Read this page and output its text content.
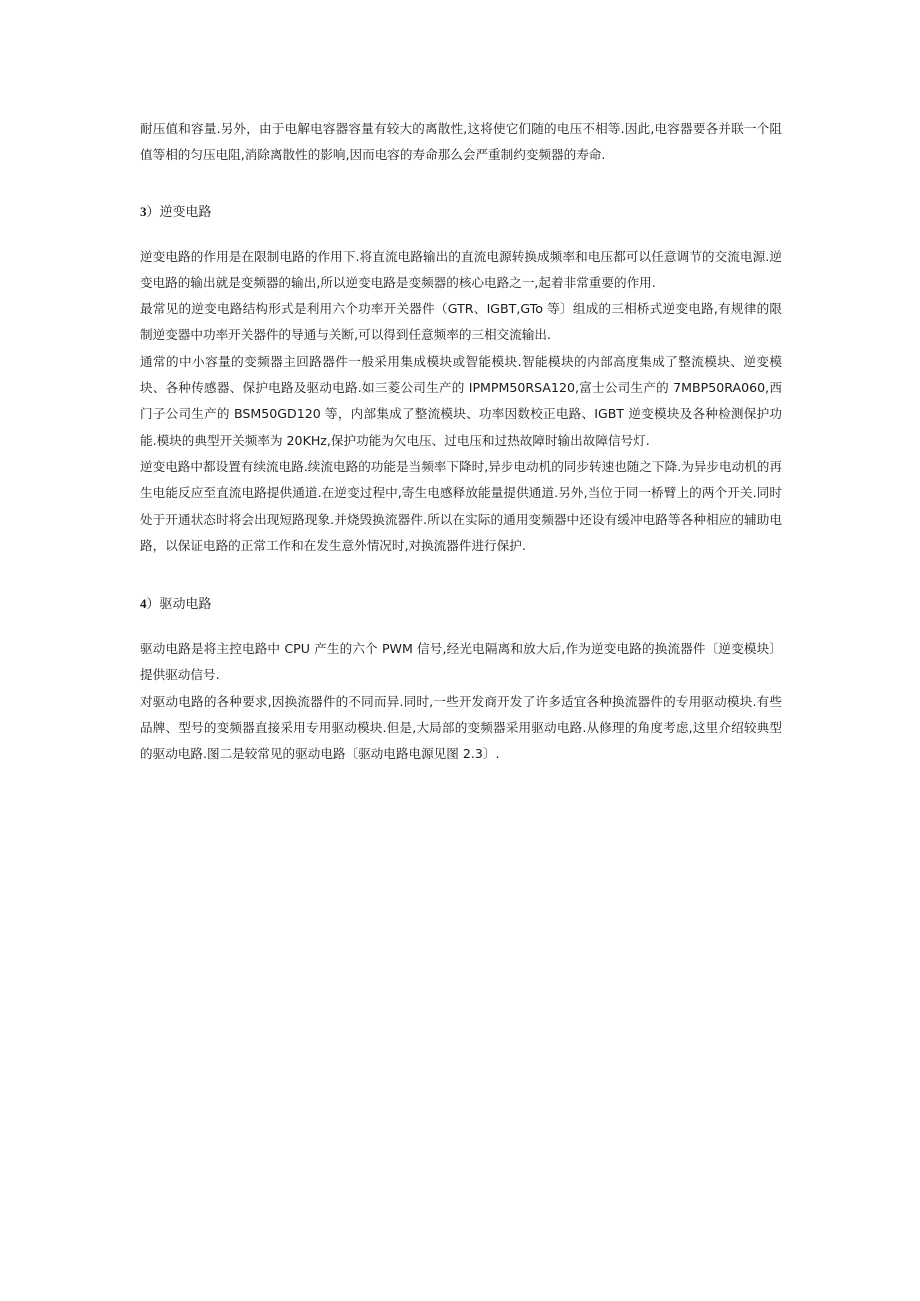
耐压值和容量.另外，由于电解电容器容量有较大的离散性,这将使它们随的电压不相等.因此,电容器要各并联一个阻值等相的匀压电阻,消除离散性的影响,因而电容的寿命那么会严重制约变频器的寿命.

3）逆变电路

逆变电路的作用是在限制电路的作用下.将直流电路输出的直流电源转换成频率和电压都可以任意调节的交流电源.逆变电路的输出就是变频器的输出,所以逆变电路是变频器的核心电路之一,起着非常重要的作用.

最常见的逆变电路结构形式是利用六个功率开关器件（GTR、IGBT,GTo 等〕组成的三相桥式逆变电路,有规律的限制逆变器中功率开关器件的导通与关断,可以得到任意频率的三相交流输出.

通常的中小容量的变频器主回路器件一般采用集成模块或智能模块.智能模块的内部高度集成了整流模块、逆变模块、各种传感器、保护电路及驱动电路.如三菱公司生产的 IPMPM50RSA120,富士公司生产的 7MBP50RA060,西门子公司生产的 BSM50GD120 等，内部集成了整流模块、功率因数校正电路、IGBT 逆变模块及各种检测保护功能.模块的典型开关频率为 20KHz,保护功能为欠电压、过电压和过热故障时输出故障信号灯.

逆变电路中都设置有续流电路.续流电路的功能是当频率下降时,异步电动机的同步转速也随之下降.为异步电动机的再生电能反应至直流电路提供通道.在逆变过程中,寄生电感释放能量提供通道.另外,当位于同一桥臂上的两个开关.同时处于开通状态时将会出现短路现象.并烧毁换流器件.所以在实际的通用变频器中还设有缓冲电路等各种相应的辅助电路，以保证电路的正常工作和在发生意外情况时,对换流器件进行保护.

4）驱动电路

驱动电路是将主控电路中 CPU 产生的六个 PWM 信号,经光电隔离和放大后,作为逆变电路的换流器件〔逆变模块〕提供驱动信号.

对驱动电路的各种要求,因换流器件的不同而异.同时,一些开发商开发了许多适宜各种换流器件的专用驱动模块.有些品牌、型号的变频器直接采用专用驱动模块.但是,大局部的变频器采用驱动电路.从修理的角度考虑,这里介绍较典型的驱动电路.图二是较常见的驱动电路〔驱动电路电源见图 2.3〕.
